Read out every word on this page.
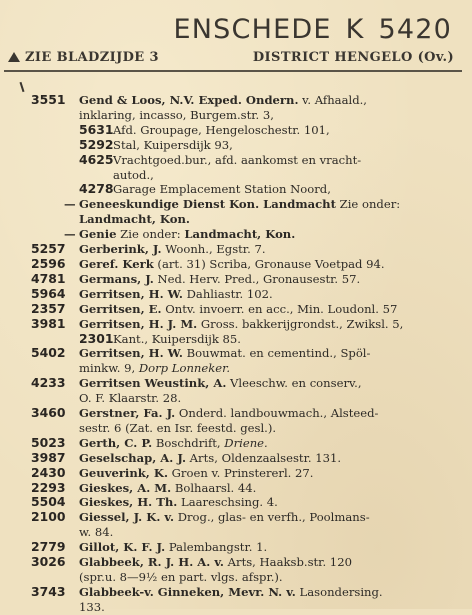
ENSCHEDE K 5420
ZIE BLADZIJDE 3	DISTRICT HENGELO (Ov.)
3551 Gend & Loos, N.V. Exped. Ondern. v. Afhaald.,
inklaring, incasso, Burgem.str. 3,
5631 Afd. Groupage, Hengeloschestr. 101,
5292 Stal, Kuipersdijk 93,
4625 Vrachtgoed.bur., afd. aankomst en vracht-
autod.,
4278 Garage Emplacement Station Noord,
— Geneeskundige Dienst Kon. Landmacht Zie onder:
Landmacht, Kon.
— Genie Zie onder: Landmacht, Kon.
5257 Gerberink, J. Woonh., Egstr. 7.
2596 Geref. Kerk (art. 31) Scriba, Gronause Voetpad 94.
4781 Germans, J. Ned. Herv. Pred., Gronausestr. 57.
5964 Gerritsen, H. W. Dahliastr. 102.
2357 Gerritsen, E. Ontv. invoerr. en acc., Min. Loudonl. 57
3981 Gerritsen, H. J. M. Gross. bakkerijgrondst., Zwiksl. 5,
2301 Kant., Kuipersdijk 85.
5402 Gerritsen, H. W. Bouwmat. en cementind., Spöl-
minkw. 9, Dorp Lonneker.
4233 Gerritsen Weustink, A. Vleeschw. en conserv.,
O. F. Klaarstr. 28.
3460 Gerstner, Fa. J. Onderd. landbouwmach., Alsteed-
sestr. 6 (Zat. en Isr. feestd. gesl.).
5023 Gerth, C. P. Boschdrift, Driene.
3987 Geselschap, A. J. Arts, Oldenzaalsestr. 131.
2430 Geuverink, K. Groen v. Prinstererl. 27.
2293 Gieskes, A. M. Bolhaarsl. 44.
5504 Gieskes, H. Th. Laareschsing. 4.
2100 Giessel, J. K. v. Drog., glas- en verfh., Poolmans-
w. 84.
2779 Gillot, K. F. J. Palembangstr. 1.
3026 Glabbeek, R. J. H. A. v. Arts, Haaksb.str. 120
(spr.u. 8—9½ en part. vlgs. afspr.).
3743 Glabbeek-v. Ginneken, Mevr. N. v. Lasondersing.
133.
